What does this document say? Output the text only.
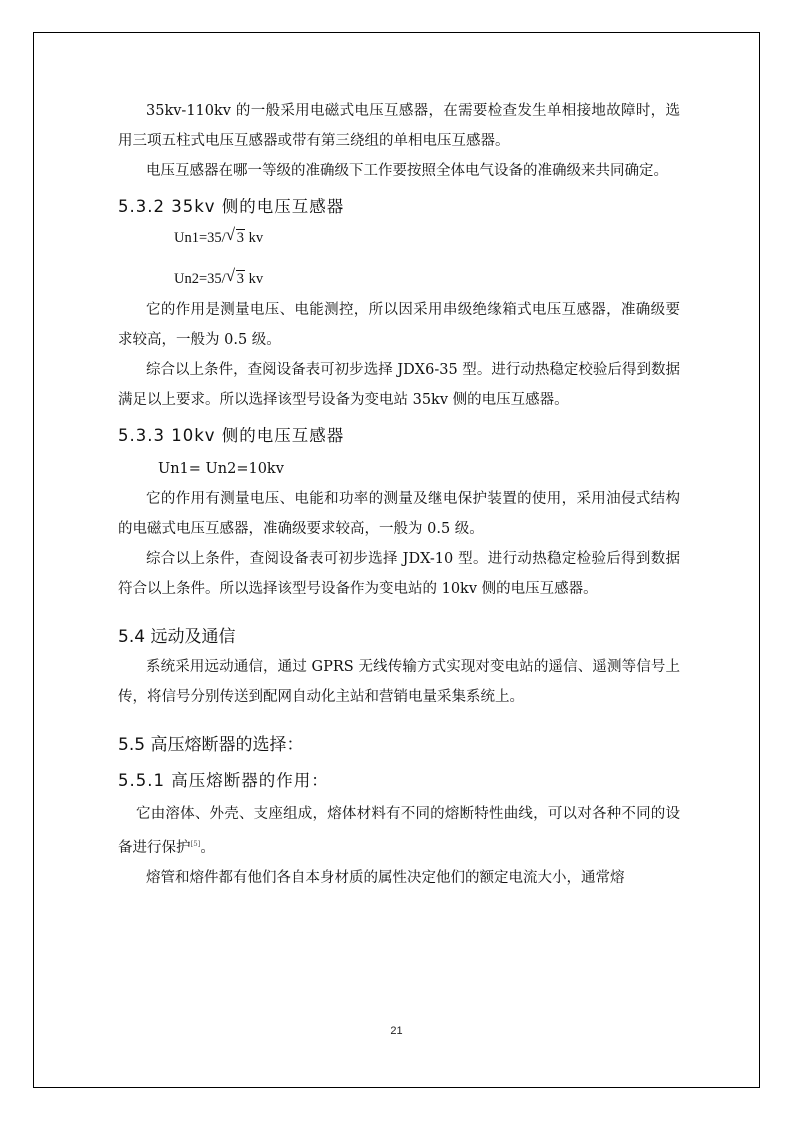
35kv-110kv 的一般采用电磁式电压互感器，在需要检查发生单相接地故障时，选用三项五柱式电压互感器或带有第三绕组的单相电压互感器。

电压互感器在哪一等级的准确级下工作要按照全体电气设备的准确级来共同确定。

5.3.2 35kv 侧的电压互感器

Un1=35/ √ 3 kv

Un2=35/ √ 3 kv

它的作用是测量电压、电能测控，所以因采用串级绝缘箱式电压互感器，准确级要求较高，一般为 0.5 级。

综合以上条件，查阅设备表可初步选择 JDX6-35 型。进行动热稳定校验后得到数据满足以上要求。所以选择该型号设备为变电站 35kv 侧的电压互感器。

5.3.3 10kv 侧的电压互感器

Un1= Un2=10kv

它的作用有测量电压、电能和功率的测量及继电保护装置的使用，采用油侵式结构的电磁式电压互感器，准确级要求较高，一般为 0.5 级。

综合以上条件，查阅设备表可初步选择 JDX-10 型。进行动热稳定检验后得到数据符合以上条件。所以选择该型号设备作为变电站的 10kv 侧的电压互感器。

5.4 远动及通信

系统采用远动通信，通过 GPRS 无线传输方式实现对变电站的遥信、遥测等信号上传，将信号分别传送到配网自动化主站和营销电量采集系统上。

5.5 高压熔断器的选择：
5.5.1 高压熔断器的作用：

它由溶体、外壳、支座组成，熔体材料有不同的熔断特性曲线，可以对各种不同的设备进行保护[5]。

熔管和熔件都有他们各自本身材质的属性决定他们的额定电流大小，通常熔

21
